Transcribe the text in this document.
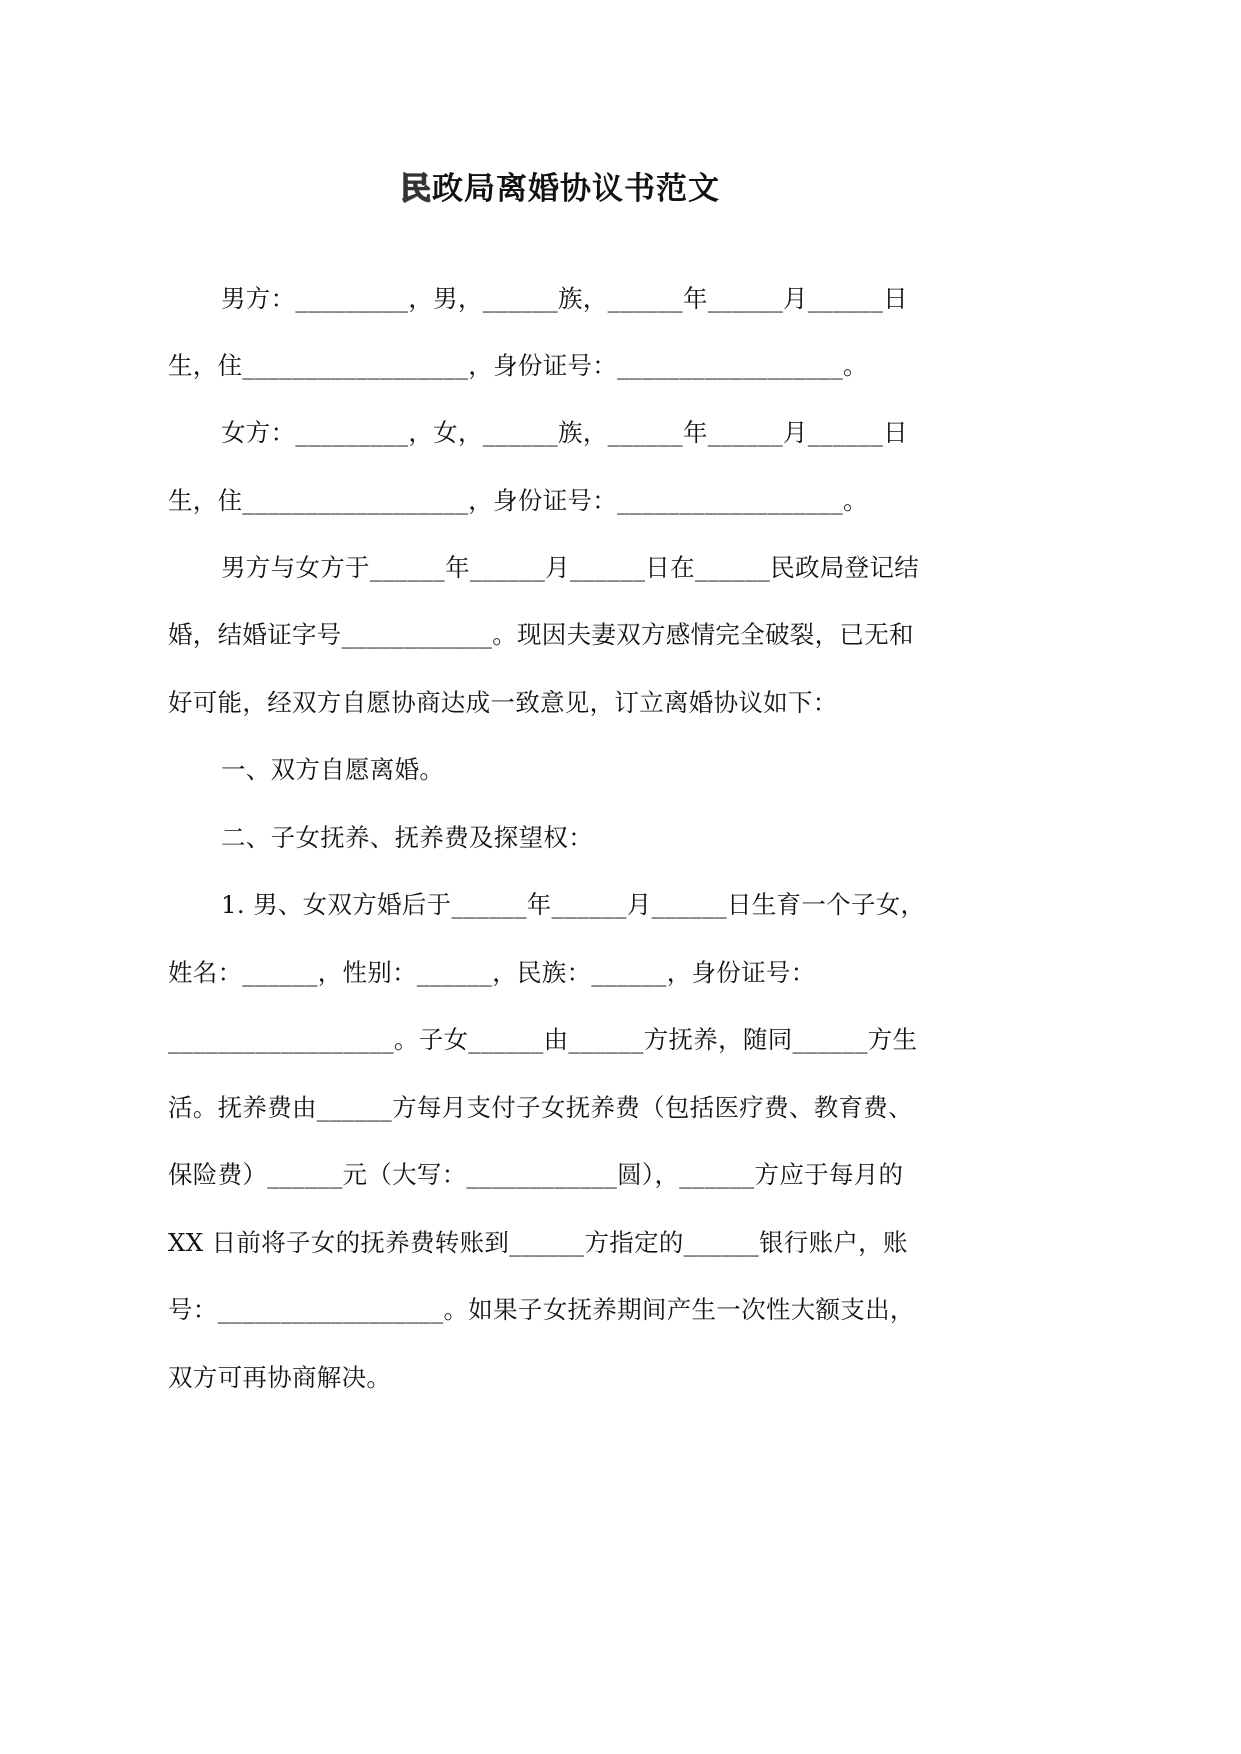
民政局离婚协议书范文
男方：_________，男，______族，______年______月______日
生，住__________________，身份证号：__________________。
女方：_________，女，______族，______年______月______日
生，住__________________，身份证号：__________________。
男方与女方于______年______月______日在______民政局登记结
婚，结婚证字号____________。现因夫妻双方感情完全破裂，已无和
好可能，经双方自愿协商达成一致意见，订立离婚协议如下：
一、双方自愿离婚。
二、子女抚养、抚养费及探望权：
1. 男、女双方婚后于______年______月______日生育一个子女，
姓名：______，性别：______，民族：______，身份证号：
__________________。子女______由______方抚养，随同______方生
活。抚养费由______方每月支付子女抚养费（包括医疗费、教育费、
保险费）______元（大写：____________圆），______方应于每月的
XX 日前将子女的抚养费转账到______方指定的______银行账户，账
号：__________________。如果子女抚养期间产生一次性大额支出，
双方可再协商解决。
